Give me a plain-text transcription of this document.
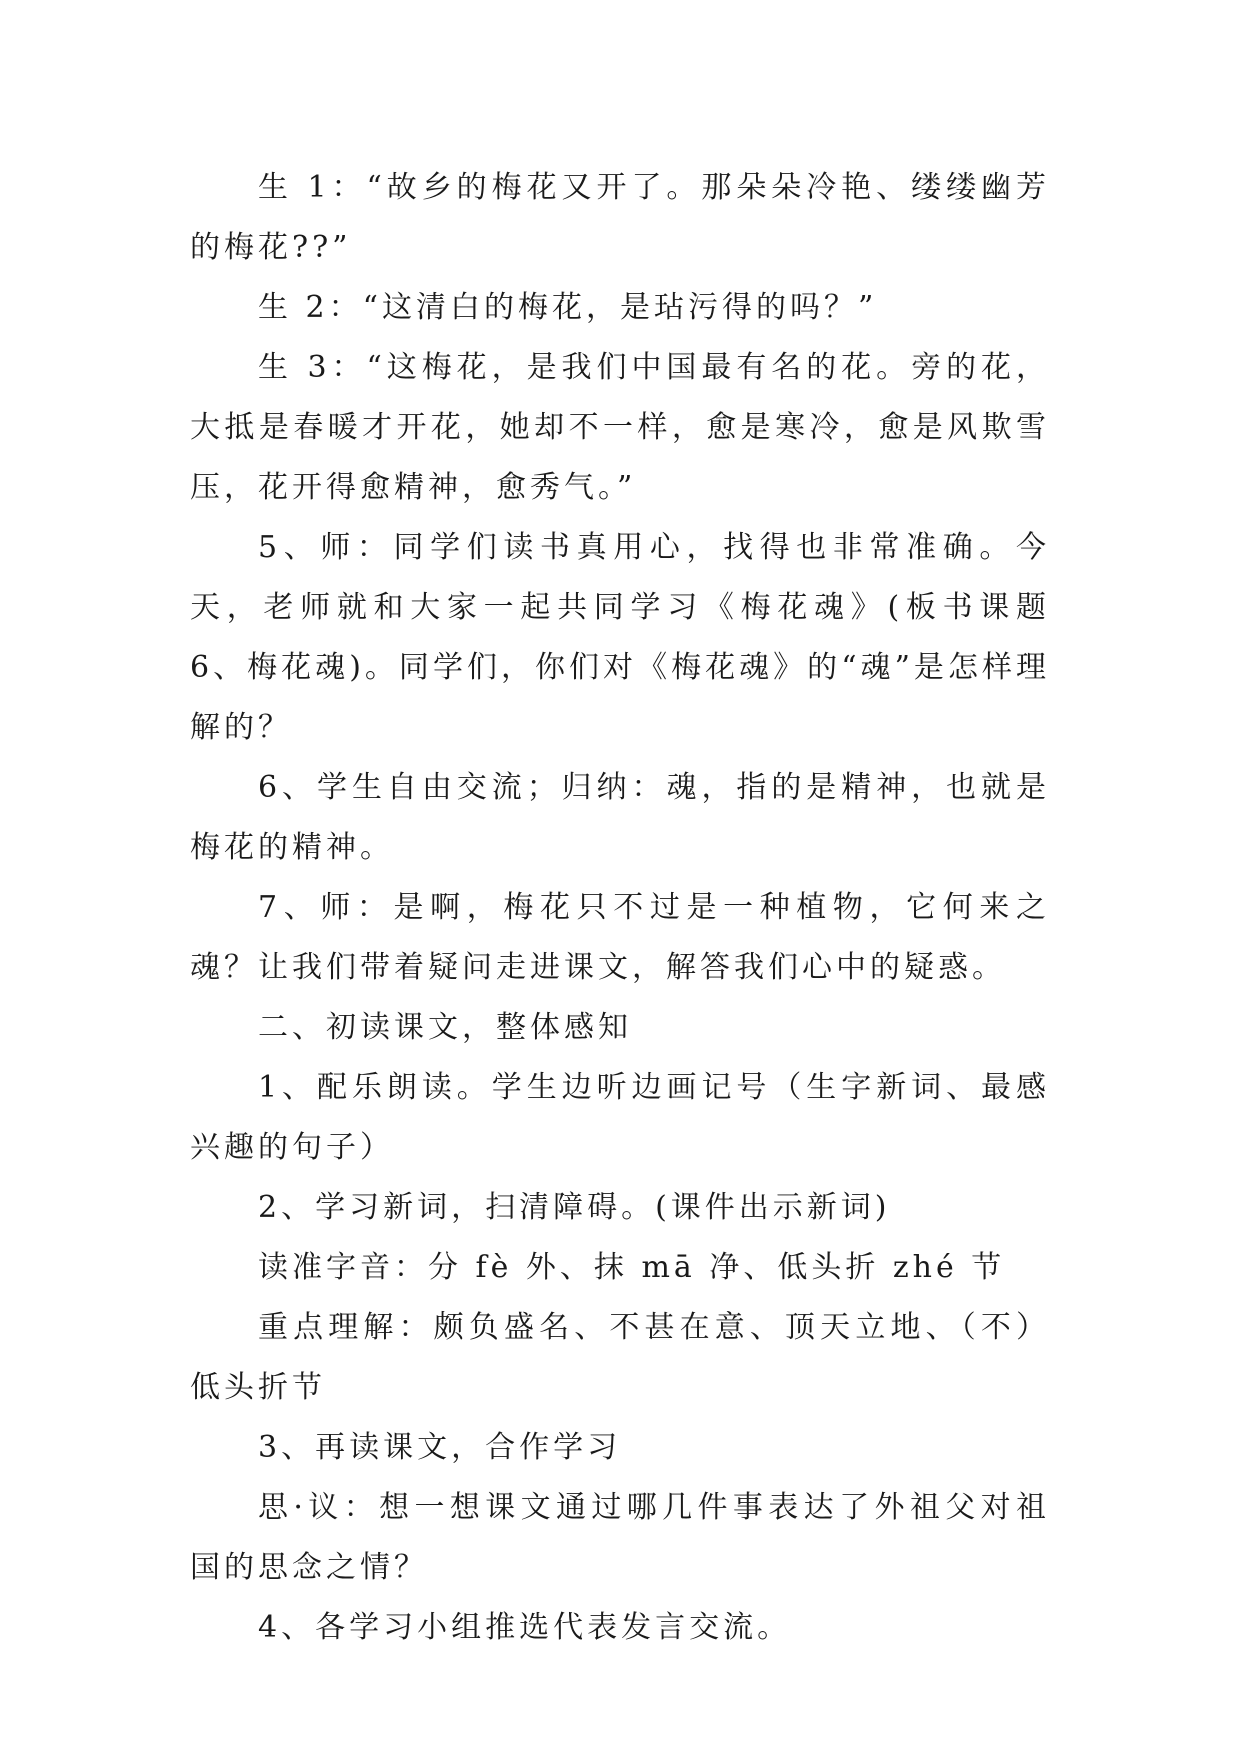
生 1：“故乡的梅花又开了。那朵朵冷艳、缕缕幽芳的梅花??”

生 2：“这清白的梅花，是玷污得的吗？”

生 3：“这梅花，是我们中国最有名的花。旁的花，大抵是春暖才开花，她却不一样，愈是寒冷，愈是风欺雪压，花开得愈精神，愈秀气。”

5、师：同学们读书真用心，找得也非常准确。今天，老师就和大家一起共同学习《梅花魂》(板书课题 6、梅花魂)。同学们，你们对《梅花魂》的“魂”是怎样理解的？

6、学生自由交流；归纳：魂，指的是精神，也就是梅花的精神。

7、师：是啊，梅花只不过是一种植物，它何来之魂？让我们带着疑问走进课文，解答我们心中的疑惑。

二、初读课文，整体感知

1、配乐朗读。学生边听边画记号（生字新词、最感兴趣的句子）

2、学习新词，扫清障碍。(课件出示新词)

读准字音：分 fè 外、抹 mā 净、低头折 zhé 节

重点理解：颇负盛名、不甚在意、顶天立地、（不）低头折节

3、再读课文，合作学习

思·议：想一想课文通过哪几件事表达了外祖父对祖国的思念之情？

4、各学习小组推选代表发言交流。
